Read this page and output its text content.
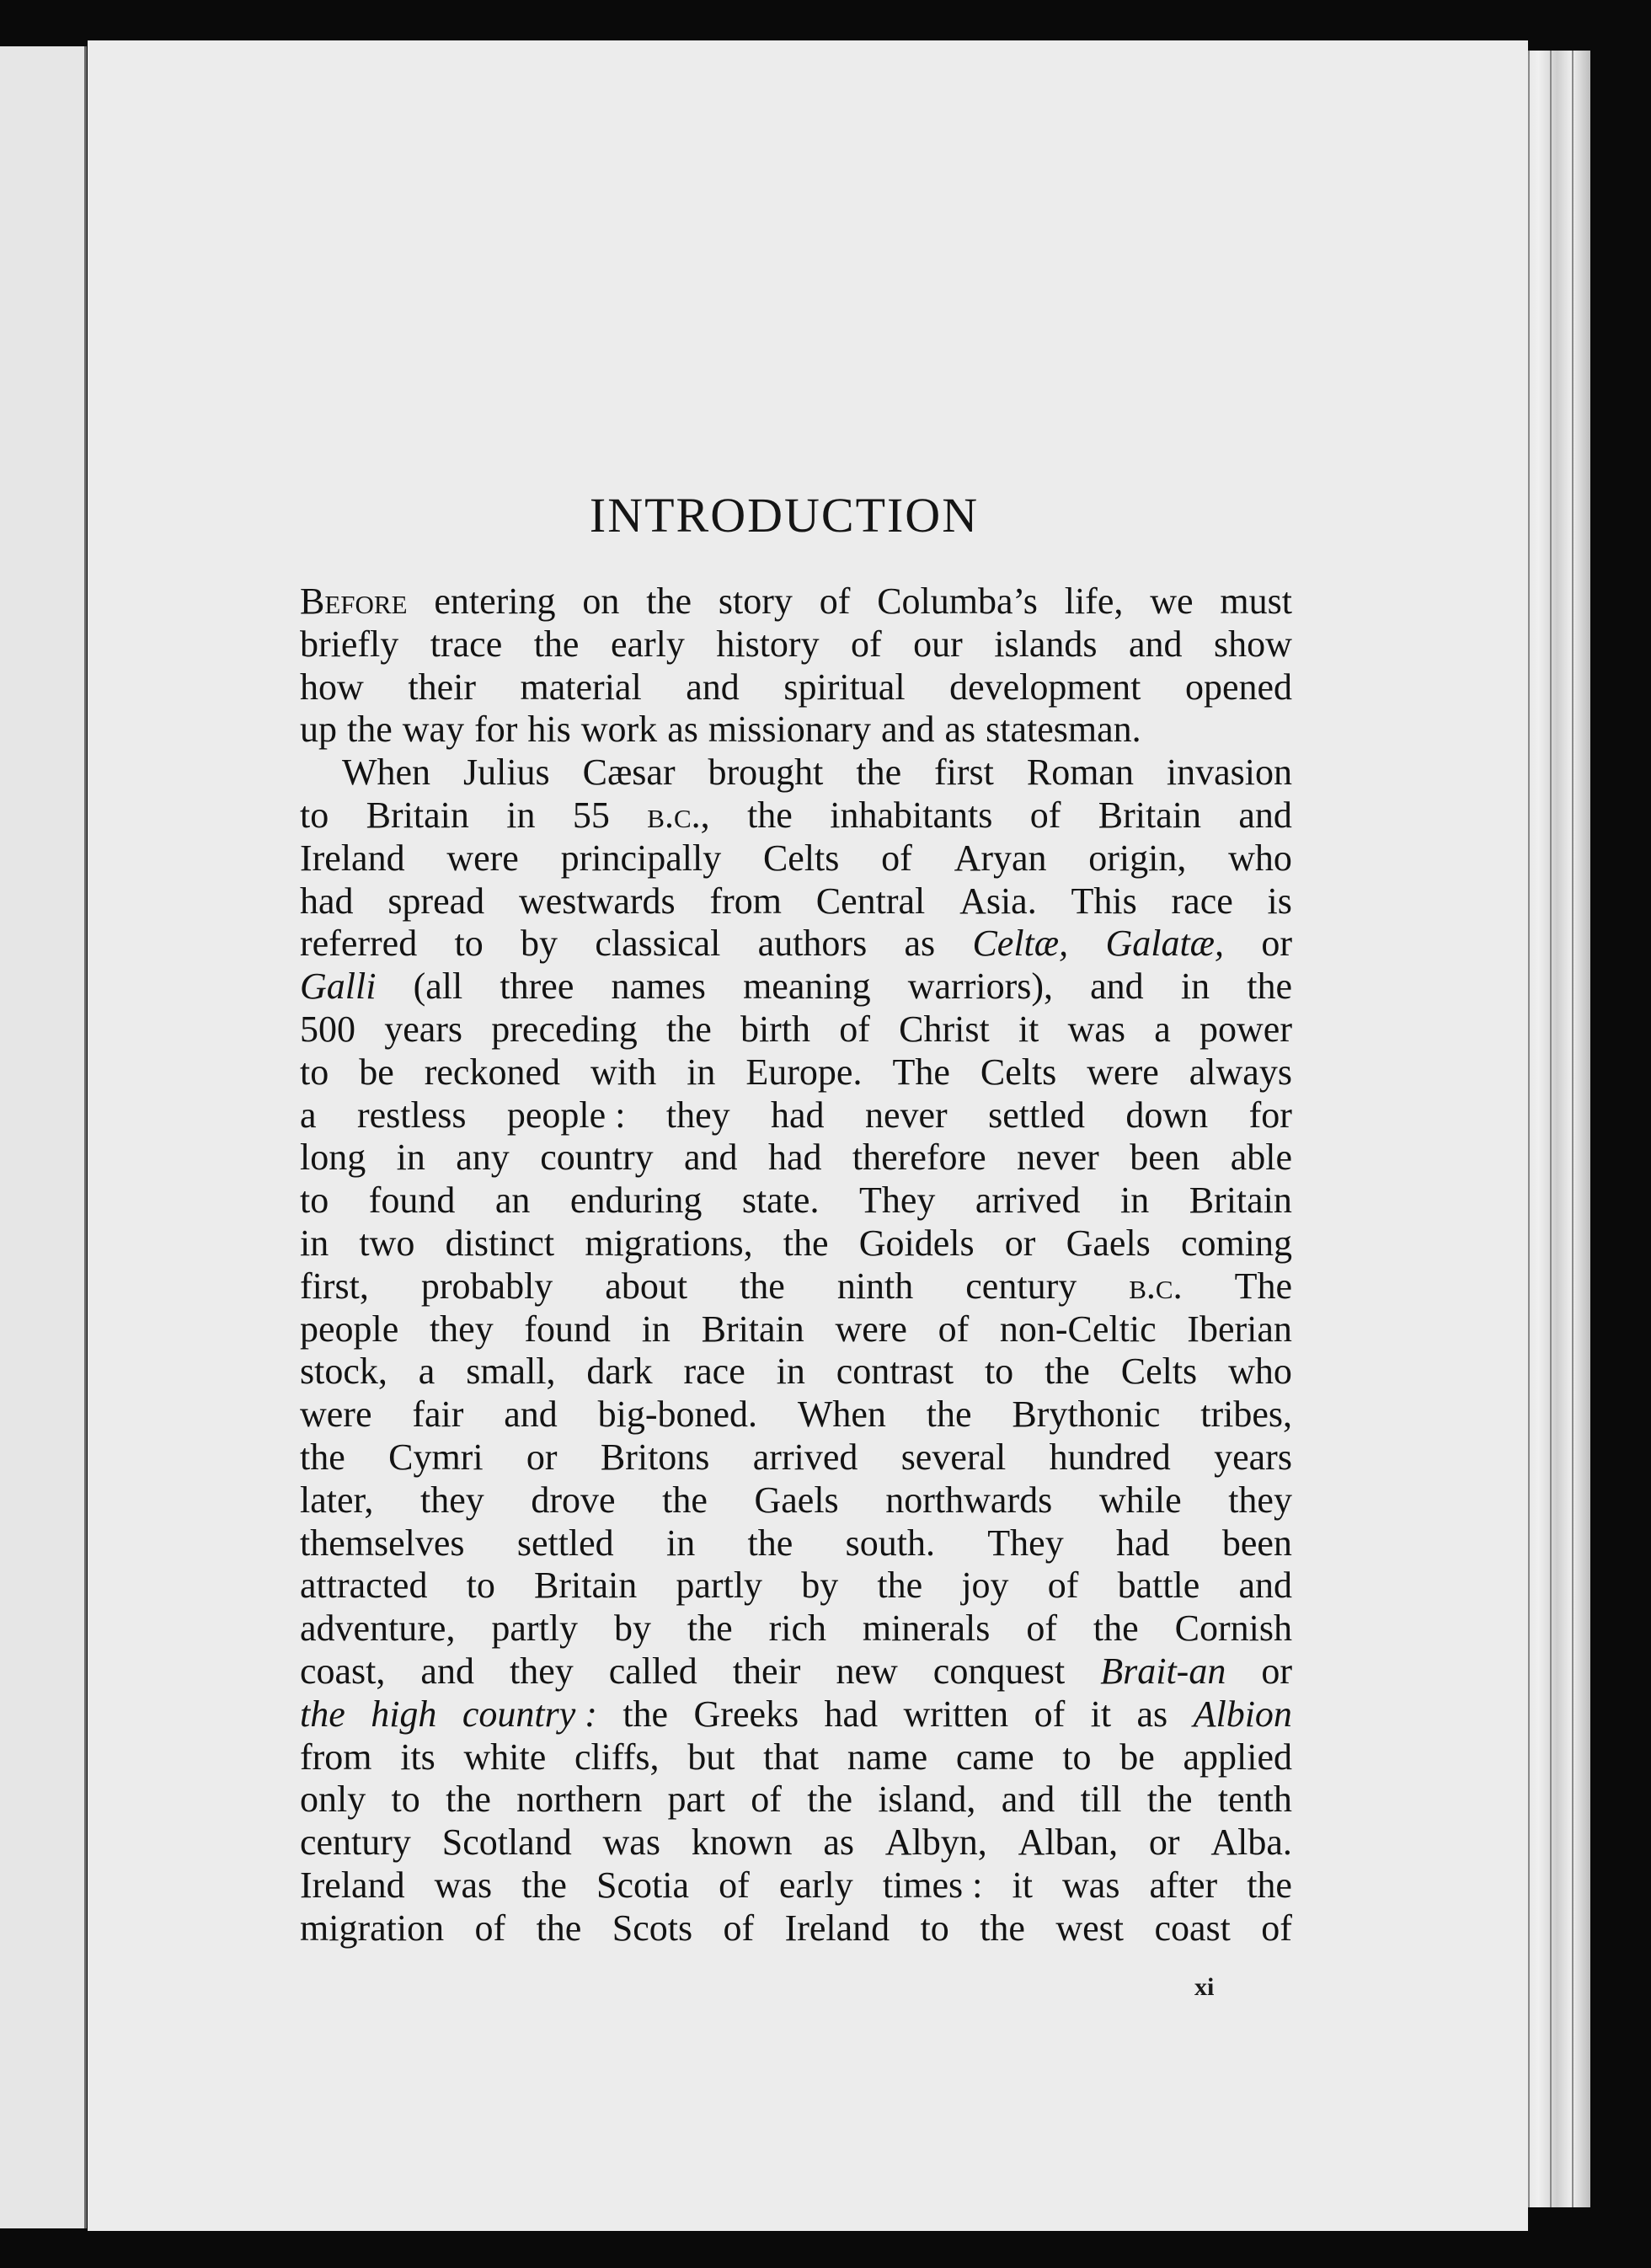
INTRODUCTION
Before entering on the story of Columba’s life, we must
briefly trace the early history of our islands and show
how their material and spiritual development opened
up the way for his work as missionary and as statesman.
When Julius Cæsar brought the first Roman invasion
to Britain in 55 b.c., the inhabitants of Britain and
Ireland were principally Celts of Aryan origin, who
had spread westwards from Central Asia. This race is
referred to by classical authors as Celtæ, Galatæ, or
Galli (all three names meaning warriors), and in the
500 years preceding the birth of Christ it was a power
to be reckoned with in Europe. The Celts were always
a restless people : they had never settled down for
long in any country and had therefore never been able
to found an enduring state. They arrived in Britain
in two distinct migrations, the Goidels or Gaels coming
first, probably about the ninth century b.c. The
people they found in Britain were of non-Celtic Iberian
stock, a small, dark race in contrast to the Celts who
were fair and big-boned. When the Brythonic tribes,
the Cymri or Britons arrived several hundred years
later, they drove the Gaels northwards while they
themselves settled in the south. They had been
attracted to Britain partly by the joy of battle and
adventure, partly by the rich minerals of the Cornish
coast, and they called their new conquest Brait-an or
the high country : the Greeks had written of it as Albion
from its white cliffs, but that name came to be applied
only to the northern part of the island, and till the tenth
century Scotland was known as Albyn, Alban, or Alba.
Ireland was the Scotia of early times : it was after the
migration of the Scots of Ireland to the west coast of
xi
